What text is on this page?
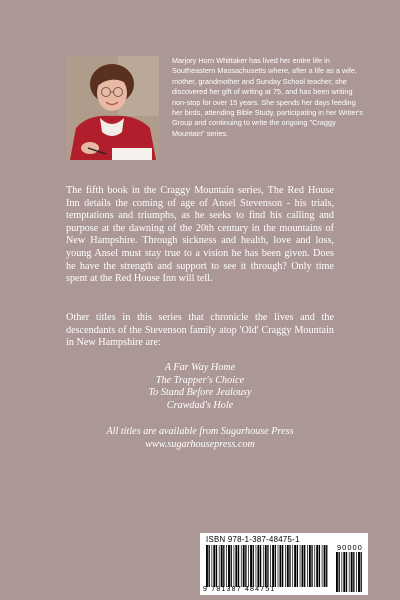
Marjory Horn Whittaker has lived her entire life in Southeastern Massachusetts where, after a life as a wife, mother, grandmother and Sunday School teacher, she discovered her gift of writing at 75, and has been writing non-stop for over 15 years. She spends her days feeding her birds, attending Bible Study, participating in her Writer's Group and continuing to write the ongoing "Craggy Mountain" series.

The fifth book in the Craggy Mountain series, The Red House Inn details the coming of age of Ansel Stevenson - his trials, temptations and triumphs, as he seeks to find his calling and purpose at the dawning of the 20th century in the mountains of New Hampshire. Through sickness and health, love and loss, young Ansel must stay true to a vision he has been given. Does he have the strength and support to see it through? Only time spent at the Red House Inn will tell.

Other titles in this series that chronicle the lives and the descendants of the Stevenson family atop 'Old' Craggy Mountain in New Hampshire are:

A Far Way Home
The Trapper's Choice
To Stand Before Jealousy
Crawdad's Hole

All titles are available from Sugarhouse Press
www.sugarhousepress.com

ISBN 978-1-387-48475-1
9 781387 484751
90000
